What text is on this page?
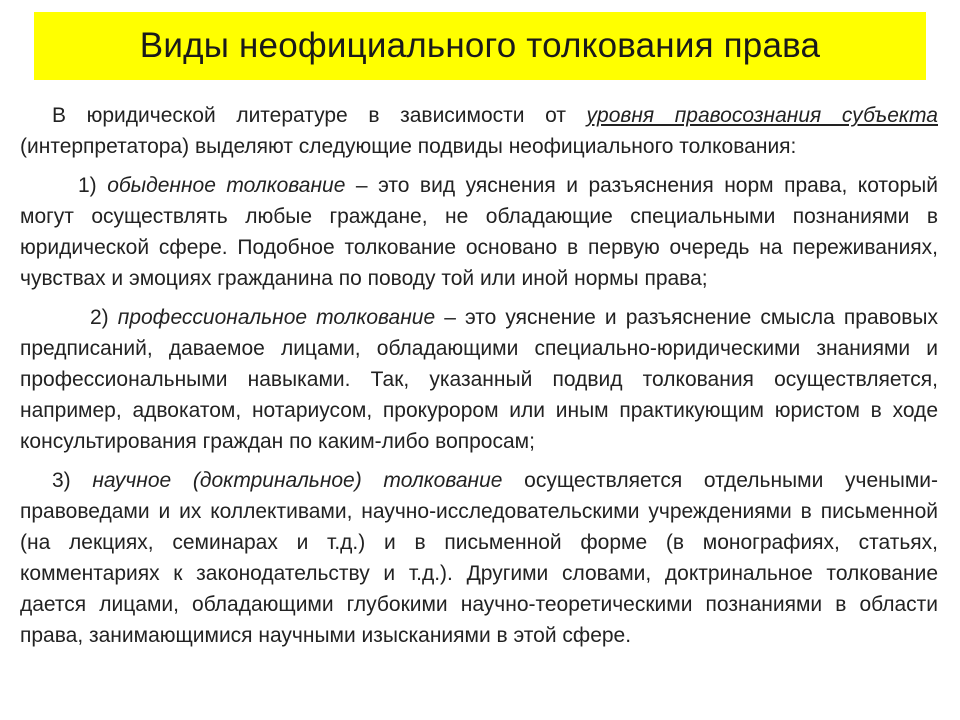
Виды неофициального толкования права

В юридической литературе в зависимости от уровня правосознания субъекта (интерпретатора) выделяют следующие подвиды неофициального толкования:

1) обыденное толкование – это вид уяснения и разъяснения норм права, который могут осуществлять любые граждане, не обладающие специальными познаниями в юридической сфере. Подобное толкование основано в первую очередь на переживаниях, чувствах и эмоциях гражданина по поводу той или иной нормы права;

2) профессиональное толкование – это уяснение и разъяснение смысла правовых предписаний, даваемое лицами, обладающими специально-юридическими знаниями и профессиональными навыками. Так, указанный подвид толкования осуществляется, например, адвокатом, нотариусом, прокурором или иным практикующим юристом в ходе консультирования граждан по каким-либо вопросам;

3) научное (доктринальное) толкование осуществляется отдельными учеными-правоведами и их коллективами, научно-исследовательскими учреждениями в письменной (на лекциях, семинарах и т.д.) и в письменной форме (в монографиях, статьях, комментариях к законодательству и т.д.). Другими словами, доктринальное толкование дается лицами, обладающими глубокими научно-теоретическими познаниями в области права, занимающимися научными изысканиями в этой сфере.
